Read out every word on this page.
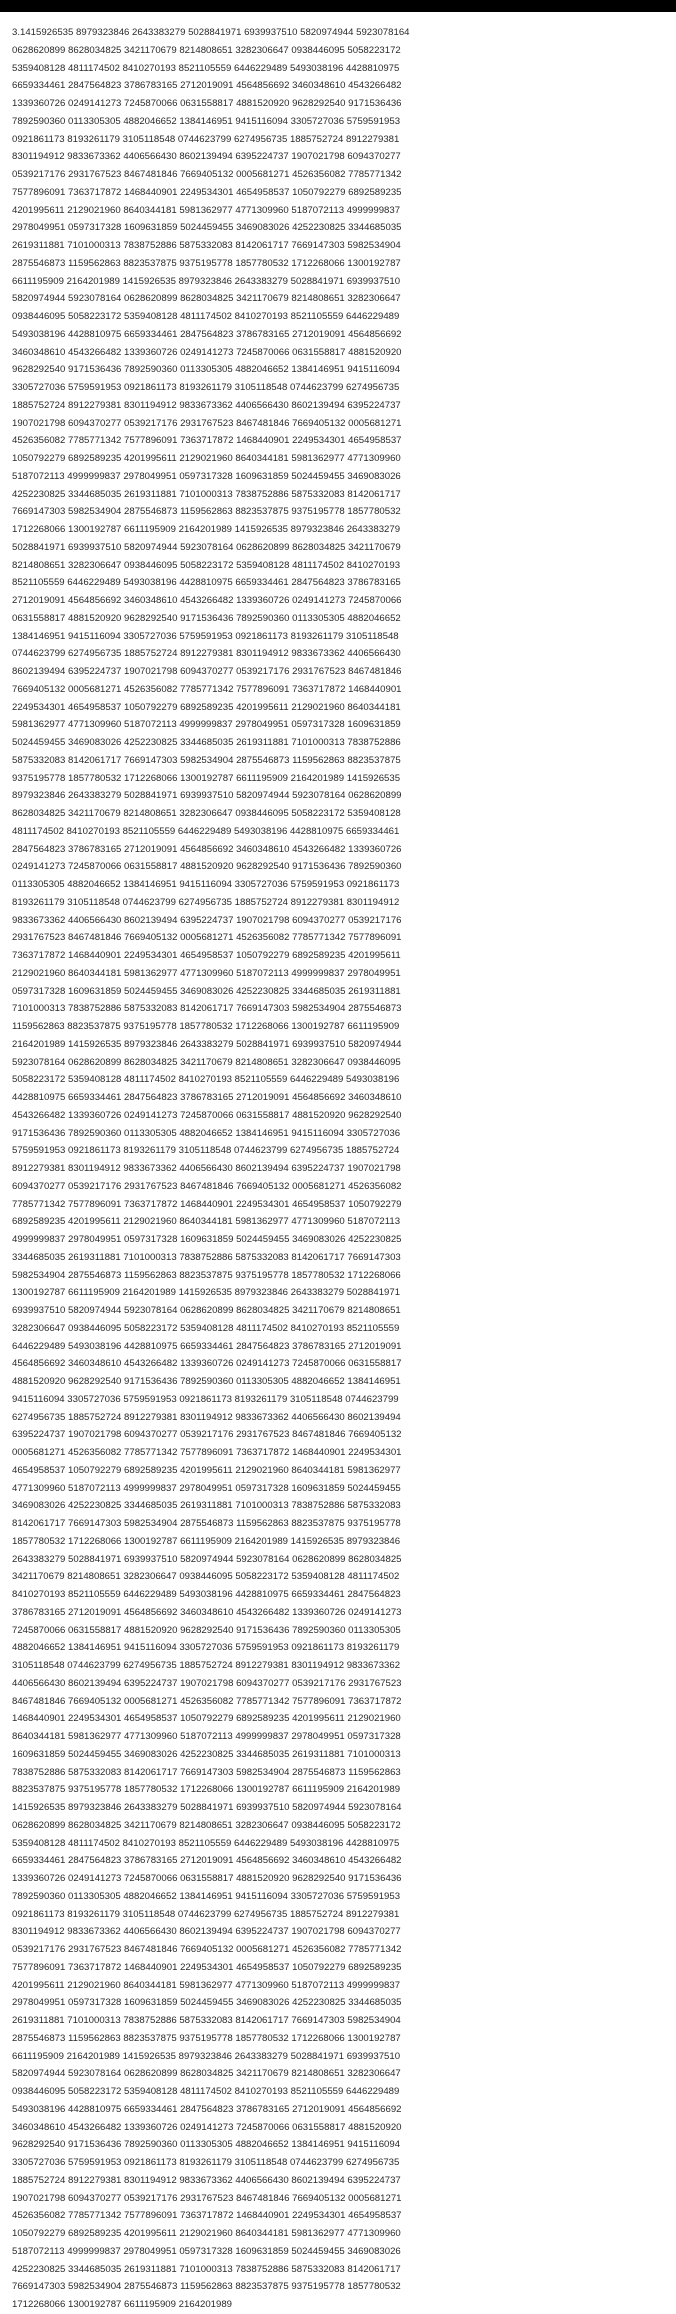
3.1415926535 8979323846 2643383279 5028841971 6939937510 5820974944 5923078164
0628620899 8628034825 3421170679 8214808651 3282306647 0938446095 5058223172
5359408128 4811174502 8410270193 8521105559 6446229489 5493038196 4428810975
6659334461 2847564823 3786783165 2712019091 4564856692 3460348610 4543266482
1339360726 0249141273 7245870066 0631558817 4881520920 9628292540 9171536436
7892590360 0113305305 4882046652 1384146951 9415116094 3305727036 5759591953
0921861173 8193261179 3105118548 0744623799 6274956735 1885752724 8912279381
8301194912 9833673362 4406566430 8602139494 6395224737 1907021798 6094370277
0539217176 2931767523 8467481846 7669405132 0005681271 4526356082 7785771342
7577896091 7363717872 1468440901 2249534301 4654958537 1050792279 6892589235
4201995611 2129021960 8640344181 5981362977 4771309960 5187072113 4999999837
2978049951 0597317328 1609631859 5024459455 3469083026 4252230825 3344685035
2619311881 7101000313 7838752886 5875332083 8142061717 7669147303 5982534904
2875546873 1159562863 8823537875 9375195778 1857780532 1712268066 1300192787
6611195909 2164201989 1415926535 8979323846 2643383279 5028841971 6939937510
5820974944 5923078164 0628620899 8628034825 3421170679 8214808651 3282306647
0938446095 5058223172 5359408128 4811174502 8410270193 8521105559 6446229489
5493038196 4428810975 6659334461 2847564823 3786783165 2712019091 4564856692
3460348610 4543266482 1339360726 0249141273 7245870066 0631558817 4881520920
9628292540 9171536436 7892590360 0113305305 4882046652 1384146951 9415116094
3305727036 5759591953 0921861173 8193261179 3105118548 0744623799 6274956735
1885752724 8912279381 8301194912 9833673362 4406566430 8602139494 6395224737
1907021798 6094370277 0539217176 2931767523 8467481846 7669405132 0005681271
4526356082 7785771342 7577896091 7363717872 1468440901 2249534301 4654958537
1050792279 6892589235 4201995611 2129021960 8640344181 5981362977 4771309960
5187072113 4999999837 2978049951 0597317328 1609631859 5024459455 3469083026
4252230825 3344685035 2619311881 7101000313 7838752886 5875332083 8142061717
7669147303 5982534904 2875546873 1159562863 8823537875 9375195778 1857780532
1712268066 1300192787 6611195909 2164201989 1415926535 8979323846 2643383279
5028841971 6939937510 5820974944 5923078164 0628620899 8628034825 3421170679
8214808651 3282306647 0938446095 5058223172 5359408128 4811174502 8410270193
8521105559 6446229489 5493038196 4428810975 6659334461 2847564823 3786783165
2712019091 4564856692 3460348610 4543266482 1339360726 0249141273 7245870066
0631558817 4881520920 9628292540 9171536436 7892590360 0113305305 4882046652
1384146951 9415116094 3305727036 5759591953 0921861173 8193261179 3105118548
0744623799 6274956735 1885752724 8912279381 8301194912 9833673362 4406566430
8602139494 6395224737 1907021798 6094370277 0539217176 2931767523 8467481846
7669405132 0005681271 4526356082 7785771342 7577896091 7363717872 1468440901
2249534301 4654958537 1050792279 6892589235 4201995611 2129021960 8640344181
5981362977 4771309960 5187072113 4999999837 2978049951 0597317328 1609631859
5024459455 3469083026 4252230825 3344685035 2619311881 7101000313 7838752886
5875332083 8142061717 7669147303 5982534904 2875546873 1159562863 8823537875
9375195778 1857780532 1712268066 1300192787 6611195909 2164201989 1415926535
8979323846 2643383279 5028841971 6939937510 5820974944 5923078164 0628620899
8628034825 3421170679 8214808651 3282306647 0938446095 5058223172 5359408128
4811174502 8410270193 8521105559 6446229489 5493038196 4428810975 6659334461
2847564823 3786783165 2712019091 4564856692 3460348610 4543266482 1339360726
0249141273 7245870066 0631558817 4881520920 9628292540 9171536436 7892590360
0113305305 4882046652 1384146951 9415116094 3305727036 5759591953 0921861173
8193261179 3105118548 0744623799 6274956735 1885752724 8912279381 8301194912
9833673362 4406566430 8602139494 6395224737 1907021798 6094370277 0539217176
2931767523 8467481846 7669405132 0005681271 4526356082 7785771342 7577896091
7363717872 1468440901 2249534301 4654958537 1050792279 6892589235 4201995611
2129021960 8640344181 5981362977 4771309960 5187072113 4999999837 2978049951
0597317328 1609631859 5024459455 3469083026 4252230825 3344685035 2619311881
7101000313 7838752886 5875332083 8142061717 7669147303 5982534904 2875546873
1159562863 8823537875 9375195778 1857780532 1712268066 1300192787 6611195909
2164201989 1415926535 8979323846 2643383279 5028841971 6939937510 5820974944
5923078164 0628620899 8628034825 3421170679 8214808651 3282306647 0938446095
5058223172 5359408128 4811174502 8410270193 8521105559 6446229489 5493038196
4428810975 6659334461 2847564823 3786783165 2712019091 4564856692 3460348610
4543266482 1339360726 0249141273 7245870066 0631558817 4881520920 9628292540
9171536436 7892590360 0113305305 4882046652 1384146951 9415116094 3305727036
5759591953 0921861173 8193261179 3105118548 0744623799 6274956735 1885752724
8912279381 8301194912 9833673362 4406566430 8602139494 6395224737 1907021798
6094370277 0539217176 2931767523 8467481846 7669405132 0005681271 4526356082
7785771342 7577896091 7363717872 1468440901 2249534301 4654958537 1050792279
6892589235 4201995611 2129021960 8640344181 5981362977 4771309960 5187072113
4999999837 2978049951 0597317328 1609631859 5024459455 3469083026 4252230825
3344685035 2619311881 7101000313 7838752886 5875332083 8142061717 7669147303
5982534904 2875546873 1159562863 8823537875 9375195778 1857780532 1712268066
1300192787 6611195909 2164201989 1415926535 8979323846 2643383279 5028841971
6939937510 5820974944 5923078164 0628620899 8628034825 3421170679 8214808651
3282306647 0938446095 5058223172 5359408128 4811174502 8410270193 8521105559
6446229489 5493038196 4428810975 6659334461 2847564823 3786783165 2712019091
4564856692 3460348610 4543266482 1339360726 0249141273 7245870066 0631558817
4881520920 9628292540 9171536436 7892590360 0113305305 4882046652 1384146951
9415116094 3305727036 5759591953 0921861173 8193261179 3105118548 0744623799
6274956735 1885752724 8912279381 8301194912 9833673362 4406566430 8602139494
6395224737 1907021798 6094370277 0539217176 2931767523 8467481846 7669405132
0005681271 4526356082 7785771342 7577896091 7363717872 1468440901 2249534301
4654958537 1050792279 6892589235 4201995611 2129021960 8640344181 5981362977
4771309960 5187072113 4999999837 2978049951 0597317328 1609631859 5024459455
3469083026 4252230825 3344685035 2619311881 7101000313 7838752886 5875332083
8142061717 7669147303 5982534904 2875546873 1159562863 8823537875 9375195778
1857780532 1712268066 1300192787 6611195909 2164201989 1415926535 8979323846
2643383279 5028841971 6939937510 5820974944 5923078164 0628620899 8628034825
3421170679 8214808651 3282306647 0938446095 5058223172 5359408128 4811174502
8410270193 8521105559 6446229489 5493038196 4428810975 6659334461 2847564823
3786783165 2712019091 4564856692 3460348610 4543266482 1339360726 0249141273
7245870066 0631558817 4881520920 9628292540 9171536436 7892590360 0113305305
4882046652 1384146951 9415116094 3305727036 5759591953 0921861173 8193261179
3105118548 0744623799 6274956735 1885752724 8912279381 8301194912 9833673362
4406566430 8602139494 6395224737 1907021798 6094370277 0539217176 2931767523
8467481846 7669405132 0005681271 4526356082 7785771342 7577896091 7363717872
1468440901 2249534301 4654958537 1050792279 6892589235 4201995611 2129021960
8640344181 5981362977 4771309960 5187072113 4999999837 2978049951 0597317328
1609631859 5024459455 3469083026 4252230825 3344685035 2619311881 7101000313
7838752886 5875332083 8142061717 7669147303 5982534904 2875546873 1159562863
8823537875 9375195778 1857780532 1712268066 1300192787 6611195909 2164201989
1415926535 8979323846 2643383279 5028841971 6939937510 5820974944 5923078164
0628620899 8628034825 3421170679 8214808651 3282306647 0938446095 5058223172
5359408128 4811174502 8410270193 8521105559 6446229489 5493038196 4428810975
6659334461 2847564823 3786783165 2712019091 4564856692 3460348610 4543266482
1339360726 0249141273 7245870066 0631558817 4881520920 9628292540 9171536436
7892590360 0113305305 4882046652 1384146951 9415116094 3305727036 5759591953
0921861173 8193261179 3105118548 0744623799 6274956735 1885752724 8912279381
8301194912 9833673362 4406566430 8602139494 6395224737 1907021798 6094370277
0539217176 2931767523 8467481846 7669405132 0005681271 4526356082 7785771342
7577896091 7363717872 1468440901 2249534301 4654958537 1050792279 6892589235
4201995611 2129021960 8640344181 5981362977 4771309960 5187072113 4999999837
2978049951 0597317328 1609631859 5024459455 3469083026 4252230825 3344685035
2619311881 7101000313 7838752886 5875332083 8142061717 7669147303 5982534904
2875546873 1159562863 8823537875 9375195778 1857780532 1712268066 1300192787
6611195909 2164201989 1415926535 8979323846 2643383279 5028841971 6939937510
5820974944 5923078164 0628620899 8628034825 3421170679 8214808651 3282306647
0938446095 5058223172 5359408128 4811174502 8410270193 8521105559 6446229489
5493038196 4428810975 6659334461 2847564823 3786783165 2712019091 4564856692
3460348610 4543266482 1339360726 0249141273 7245870066 0631558817 4881520920
9628292540 9171536436 7892590360 0113305305 4882046652 1384146951 9415116094
3305727036 5759591953 0921861173 8193261179 3105118548 0744623799 6274956735
1885752724 8912279381 8301194912 9833673362 4406566430 8602139494 6395224737
1907021798 6094370277 0539217176 2931767523 8467481846 7669405132 0005681271
4526356082 7785771342 7577896091 7363717872 1468440901 2249534301 4654958537
1050792279 6892589235 4201995611 2129021960 8640344181 5981362977 4771309960
5187072113 4999999837 2978049951 0597317328 1609631859 5024459455 3469083026
4252230825 3344685035 2619311881 7101000313 7838752886 5875332083 8142061717
7669147303 5982534904 2875546873 1159562863 8823537875 9375195778 1857780532
1712268066 1300192787 6611195909 2164201989
